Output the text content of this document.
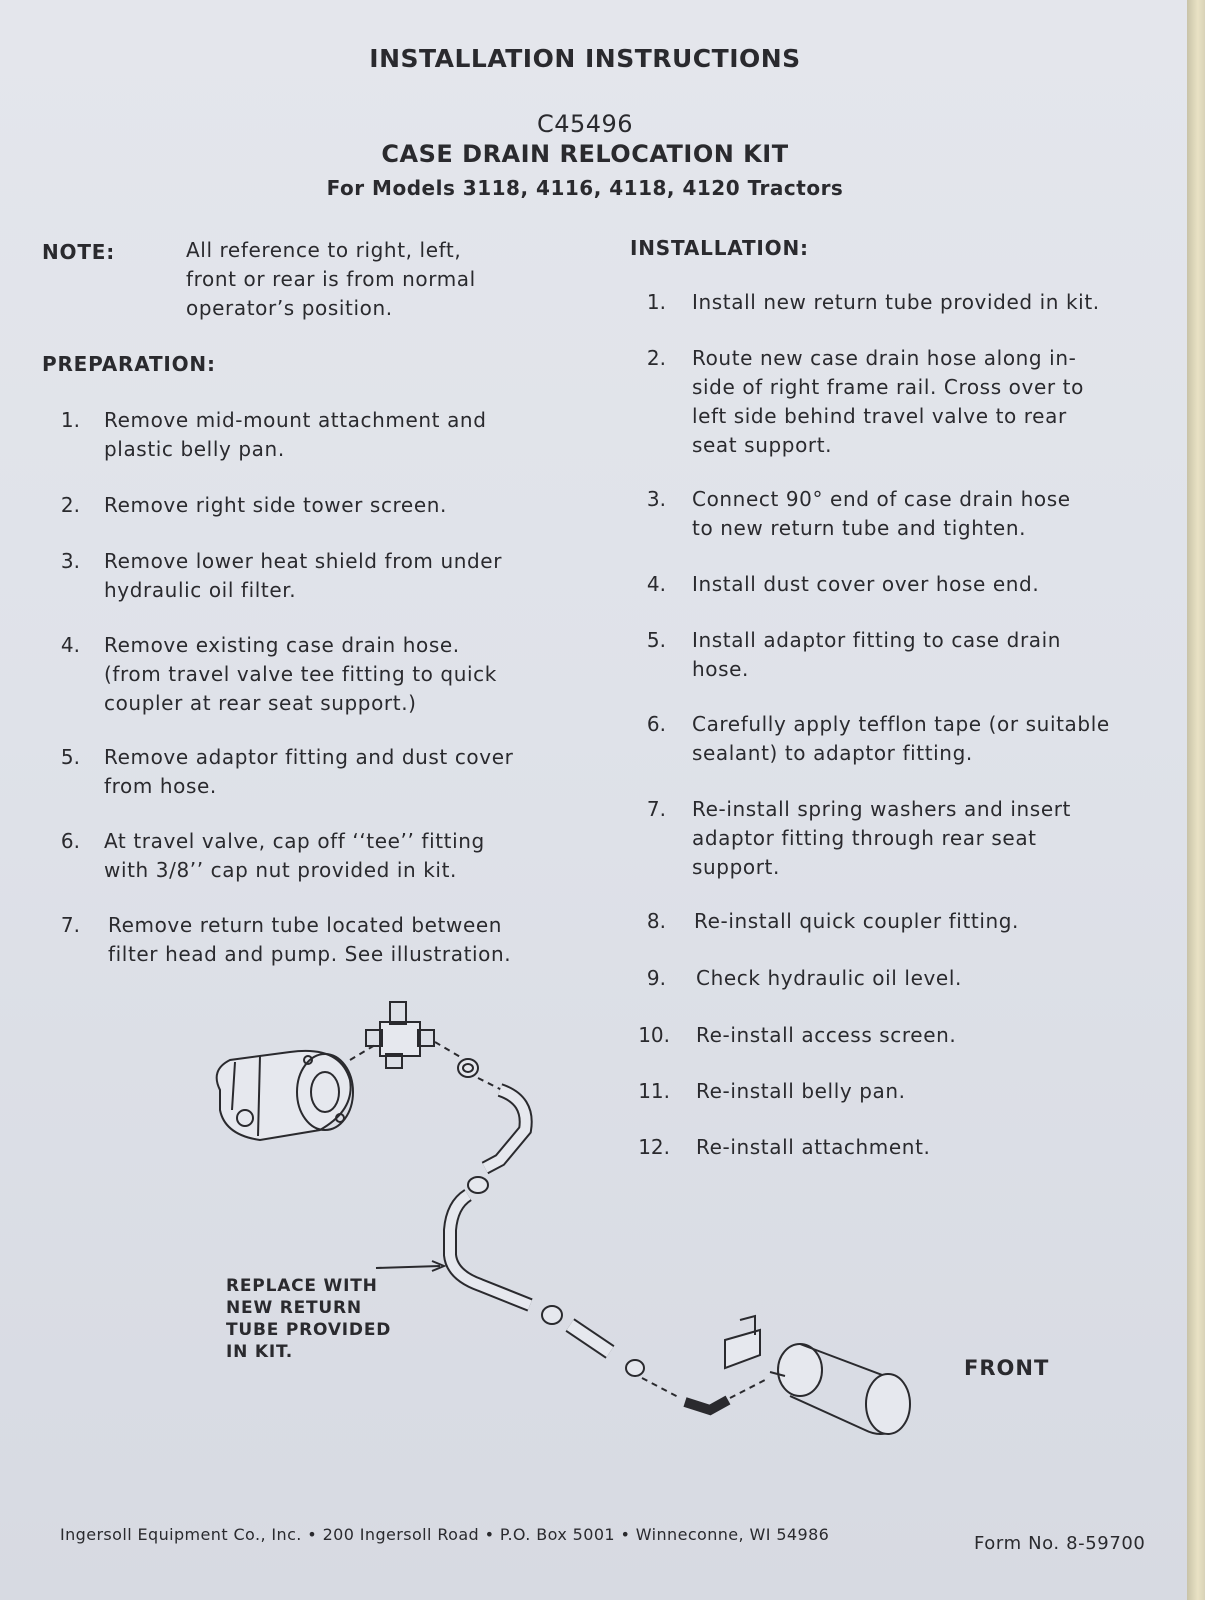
INSTALLATION INSTRUCTIONS
C45496
CASE DRAIN RELOCATION KIT
For Models 3118, 4116, 4118, 4120 Tractors
NOTE:	All reference to right, left,
front or rear is from normal
operator’s position.
PREPARATION:
1. Remove mid-mount attachment and
plastic belly pan.
2. Remove right side tower screen.
3. Remove lower heat shield from under
hydraulic oil filter.
4. Remove existing case drain hose.
(from travel valve tee fitting to quick
coupler at rear seat support.)
5. Remove adaptor fitting and dust cover
from hose.
6. At travel valve, cap off ‘‘tee’’ fitting
with 3/8’’ cap nut provided in kit.
7. Remove return tube located between
filter head and pump. See illustration.
INSTALLATION:
1. Install new return tube provided in kit.
2. Route new case drain hose along in-
side of right frame rail. Cross over to
left side behind travel valve to rear
seat support.
3. Connect 90° end of case drain hose
to new return tube and tighten.
4. Install dust cover over hose end.
5. Install adaptor fitting to case drain
hose.
6. Carefully apply tefflon tape (or suitable
sealant) to adaptor fitting.
7. Re-install spring washers and insert
adaptor fitting through rear seat
support.
8. Re-install quick coupler fitting.
9. Check hydraulic oil level.
10. Re-install access screen.
11. Re-install belly pan.
12. Re-install attachment.
REPLACE WITH
NEW RETURN
TUBE PROVIDED
IN KIT.
FRONT
Ingersoll Equipment Co., Inc. • 200 Ingersoll Road • P.O. Box 5001 • Winneconne, WI 54986	Form No. 8-59700
